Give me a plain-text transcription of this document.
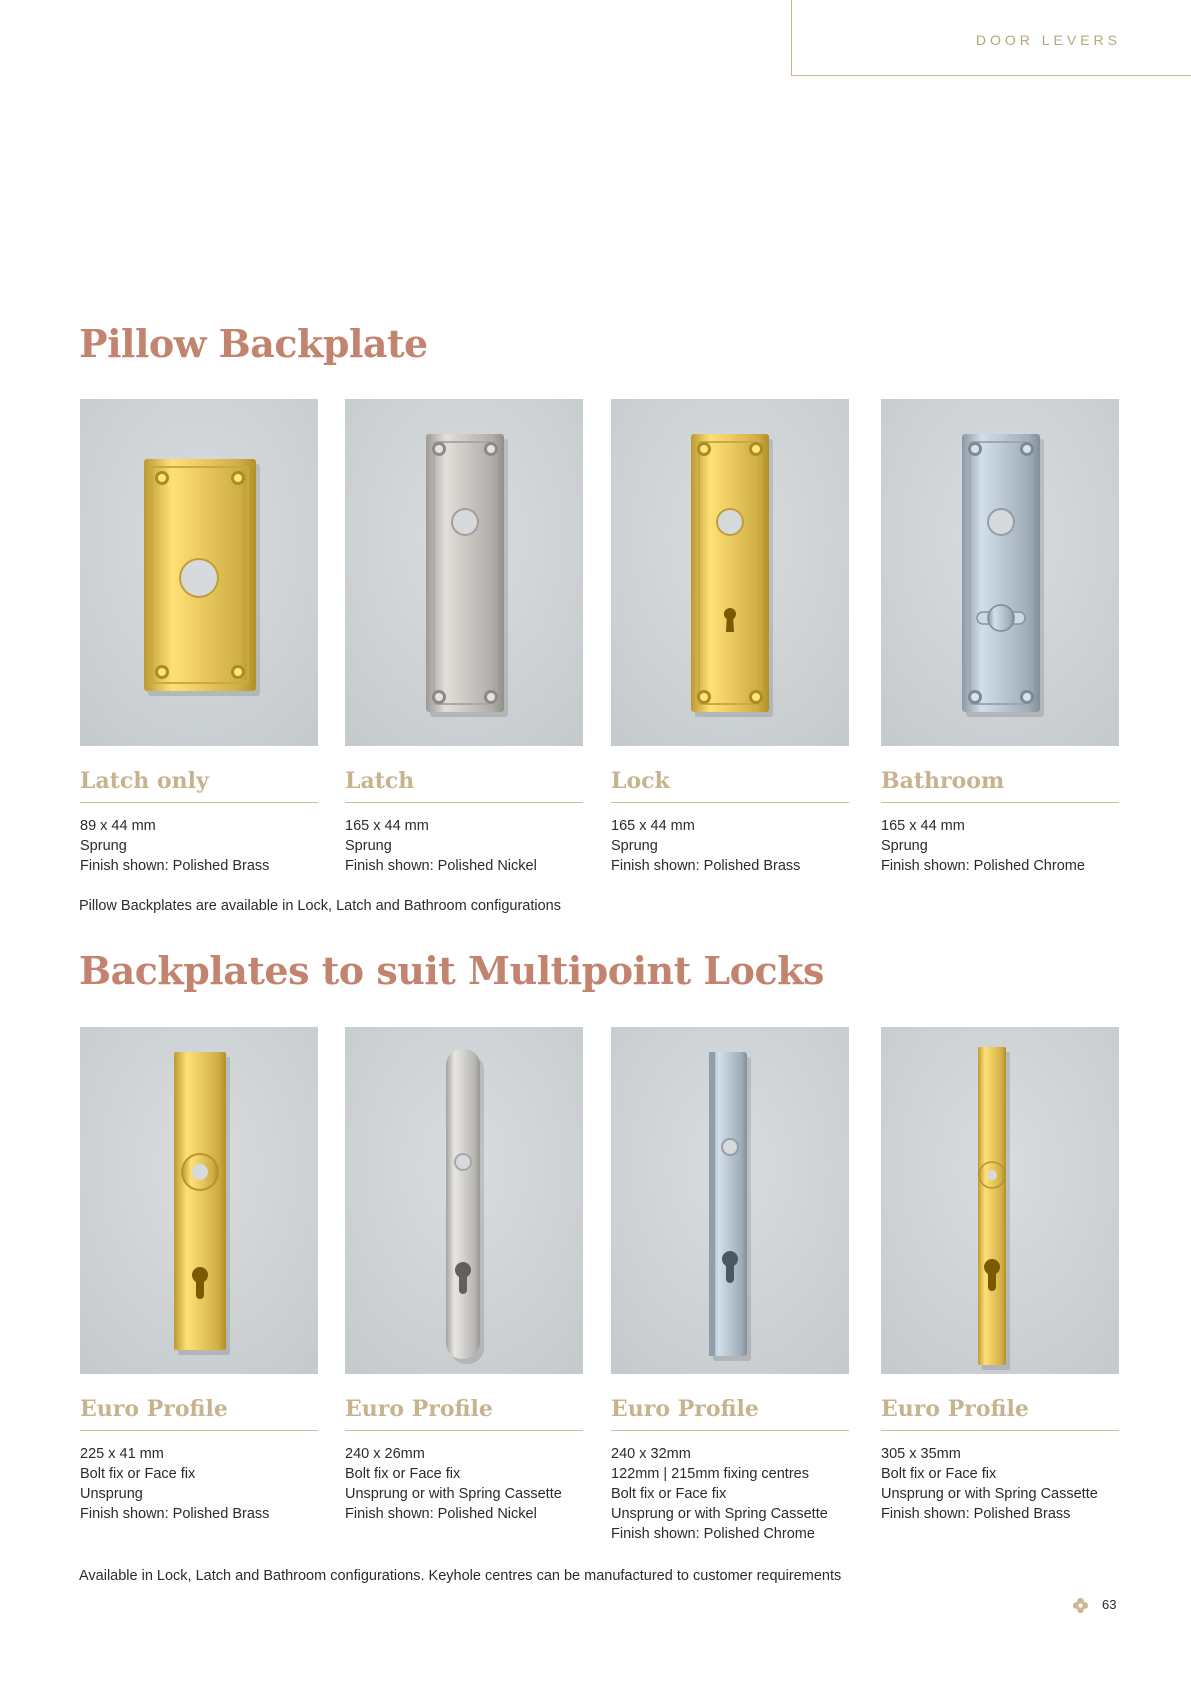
DOOR LEVERS
Pillow Backplate
Latch only
89 x 44 mm
Sprung
Finish shown: Polished Brass
Latch
165 x 44 mm
Sprung
Finish shown: Polished Nickel
Lock
165 x 44 mm
Sprung
Finish shown: Polished Brass
Bathroom
165 x 44 mm
Sprung
Finish shown: Polished Chrome
Pillow Backplates are available in Lock, Latch and Bathroom configurations
Backplates to suit Multipoint Locks
Euro Profile
225 x 41 mm
Bolt fix or Face fix
Unsprung
Finish shown: Polished Brass
Euro Profile
240 x 26mm
Bolt fix or Face fix
Unsprung or with Spring Cassette
Finish shown: Polished Nickel
Euro Profile
240 x 32mm
122mm | 215mm fixing centres
Bolt fix or Face fix
Unsprung or with Spring Cassette
Finish shown: Polished Chrome
Euro Profile
305 x 35mm
Bolt fix or Face fix
Unsprung or with Spring Cassette
Finish shown: Polished Brass
Available in Lock, Latch and Bathroom configurations. Keyhole centres can be manufactured to customer requirements
63
